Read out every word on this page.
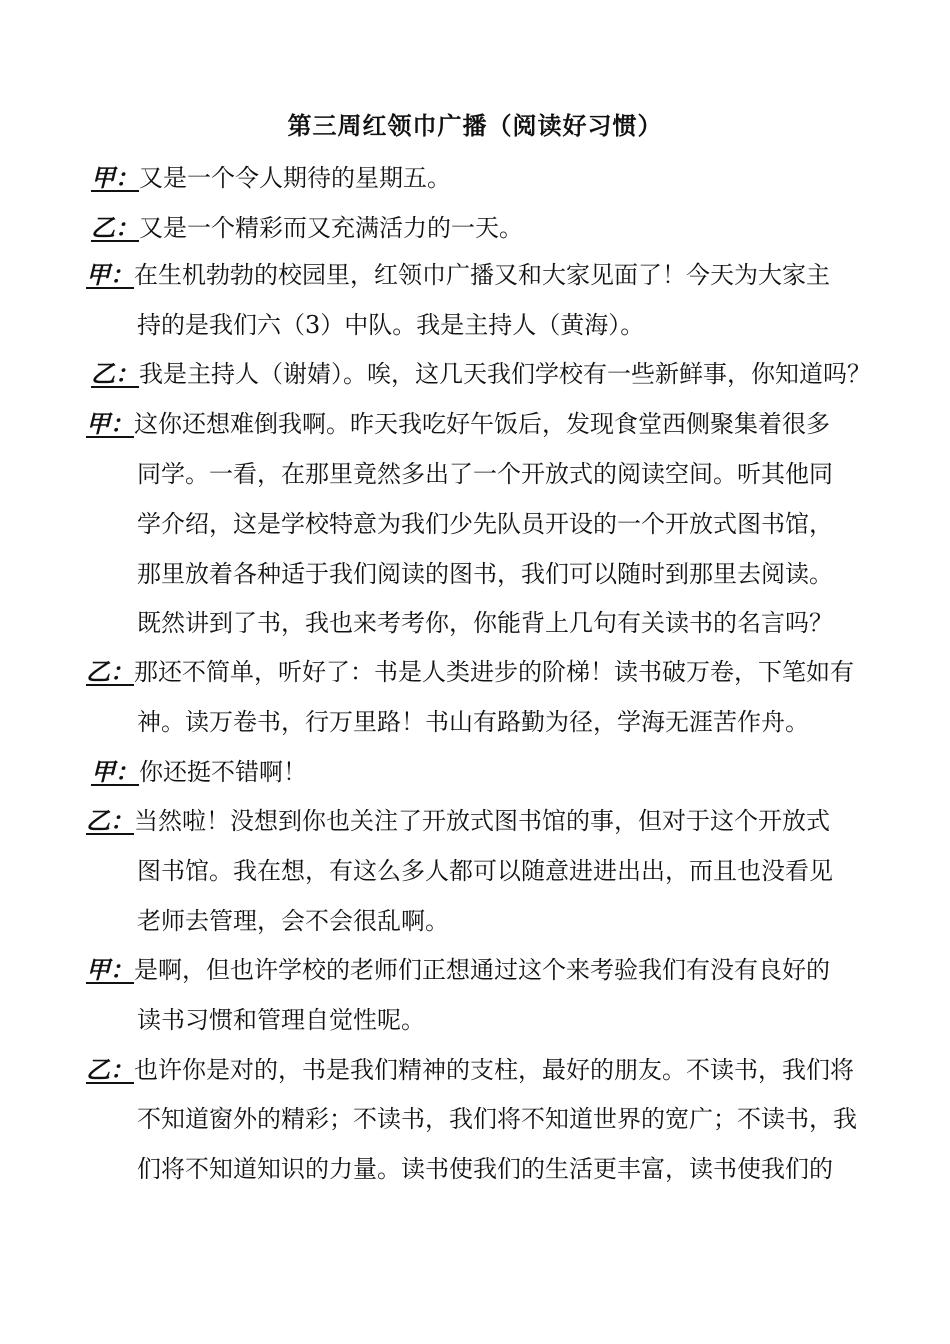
第三周红领巾广播（阅读好习惯）
甲：又是一个令人期待的星期五。
乙：又是一个精彩而又充满活力的一天。
甲：在生机勃勃的校园里，红领巾广播又和大家见面了！今天为大家主
持的是我们六（3）中队。我是主持人（黄海）。
乙：我是主持人（谢婧）。唉，这几天我们学校有一些新鲜事，你知道吗？
甲：这你还想难倒我啊。昨天我吃好午饭后，发现食堂西侧聚集着很多
同学。一看，在那里竟然多出了一个开放式的阅读空间。听其他同
学介绍，这是学校特意为我们少先队员开设的一个开放式图书馆，
那里放着各种适于我们阅读的图书，我们可以随时到那里去阅读。
既然讲到了书，我也来考考你，你能背上几句有关读书的名言吗？
乙：那还不简单，听好了：书是人类进步的阶梯！读书破万卷，下笔如有
神。读万卷书，行万里路！书山有路勤为径，学海无涯苦作舟。
甲：你还挺不错啊！
乙：当然啦！没想到你也关注了开放式图书馆的事，但对于这个开放式
图书馆。我在想，有这么多人都可以随意进进出出，而且也没看见
老师去管理，会不会很乱啊。
甲：是啊，但也许学校的老师们正想通过这个来考验我们有没有良好的
读书习惯和管理自觉性呢。
乙：也许你是对的，书是我们精神的支柱，最好的朋友。不读书，我们将
不知道窗外的精彩；不读书，我们将不知道世界的宽广；不读书，我
们将不知道知识的力量。读书使我们的生活更丰富，读书使我们的
